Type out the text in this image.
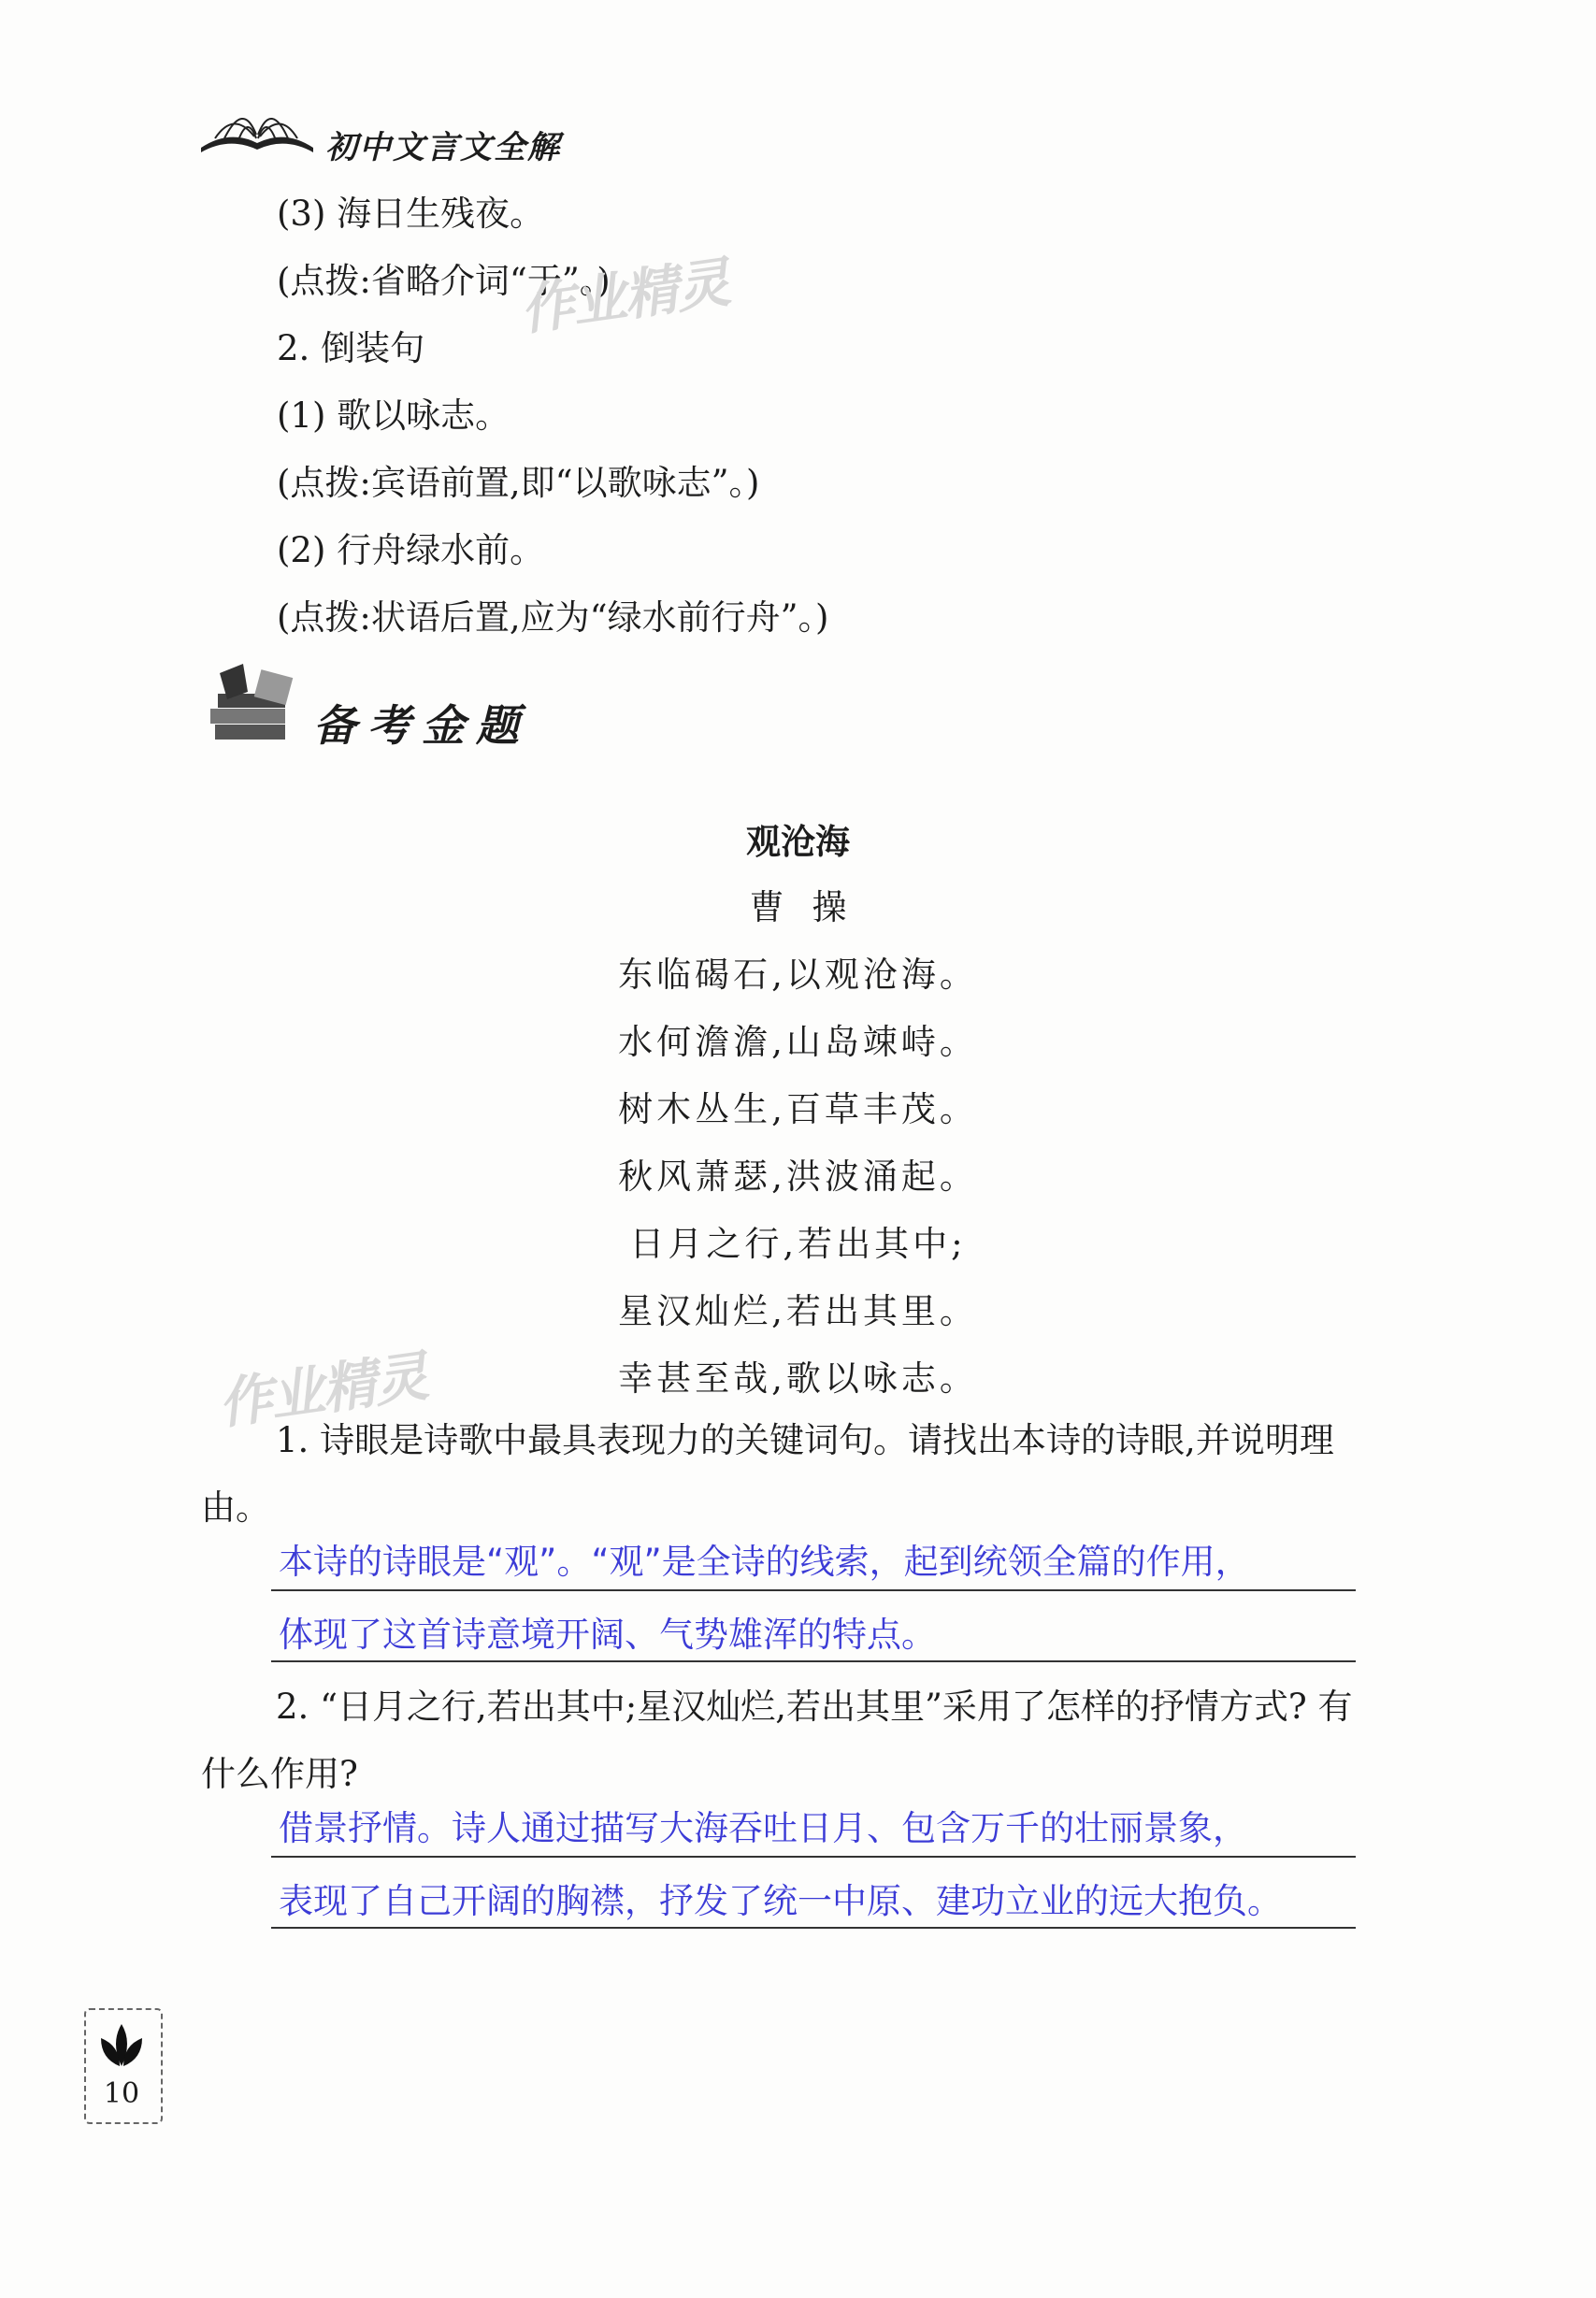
初中文言文全解
(3) 海日生残夜。
(点拨:省略介词“于”。)
2. 倒装句
(1) 歌以咏志。
(点拨:宾语前置,即“以歌咏志”。)
(2) 行舟绿水前。
(点拨:状语后置,应为“绿水前行舟”。)
作业精灵
作业精灵
备考金题
观沧海
曹操
东临碣石,以观沧海。
水何澹澹,山岛竦峙。
树木丛生,百草丰茂。
秋风萧瑟,洪波涌起。
日月之行,若出其中;
星汉灿烂,若出其里。
幸甚至哉,歌以咏志。
1. 诗眼是诗歌中最具表现力的关键词句。请找出本诗的诗眼,并说明理由。
本诗的诗眼是“观”。“观”是全诗的线索，起到统领全篇的作用，
体现了这首诗意境开阔、气势雄浑的特点。
2. “日月之行,若出其中;星汉灿烂,若出其里”采用了怎样的抒情方式? 有什么作用?
借景抒情。诗人通过描写大海吞吐日月、包含万千的壮丽景象，
表现了自己开阔的胸襟，抒发了统一中原、建功立业的远大抱负。
10
